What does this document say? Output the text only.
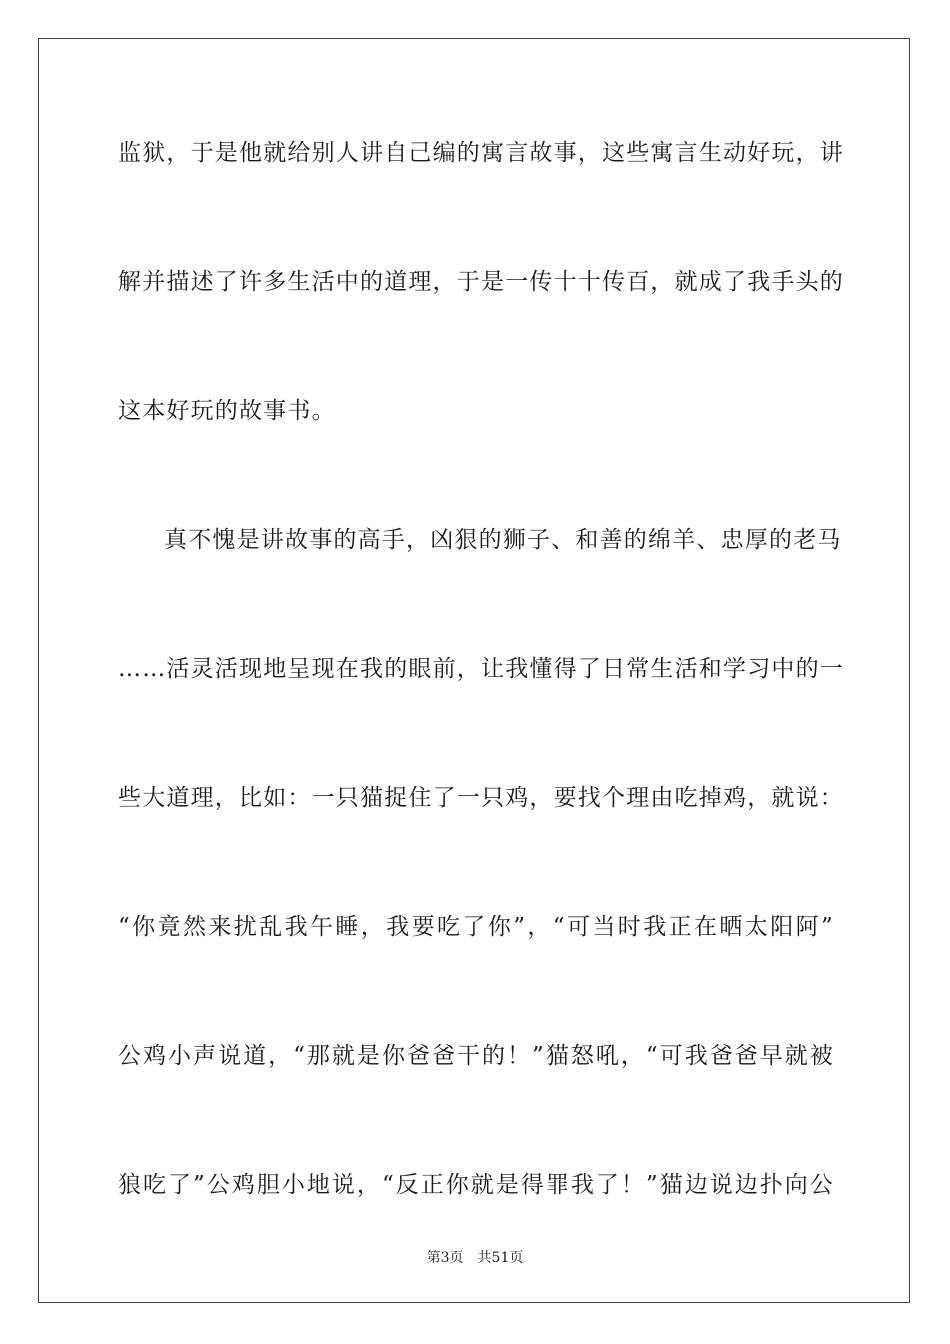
监狱，于是他就给别人讲自己编的寓言故事，这些寓言生动好玩，讲
解并描述了许多生活中的道理，于是一传十十传百，就成了我手头的
这本好玩的故事书。
真不愧是讲故事的高手，凶狠的狮子、和善的绵羊、忠厚的老马
……活灵活现地呈现在我的眼前，让我懂得了日常生活和学习中的一
些大道理，比如：一只猫捉住了一只鸡，要找个理由吃掉鸡，就说：
“你竟然来扰乱我午睡，我要吃了你”，“可当时我正在晒太阳阿”
公鸡小声说道，“那就是你爸爸干的！”猫怒吼，“可我爸爸早就被
狼吃了”公鸡胆小地说，“反正你就是得罪我了！”猫边说边扑向公
第3页 共51页
